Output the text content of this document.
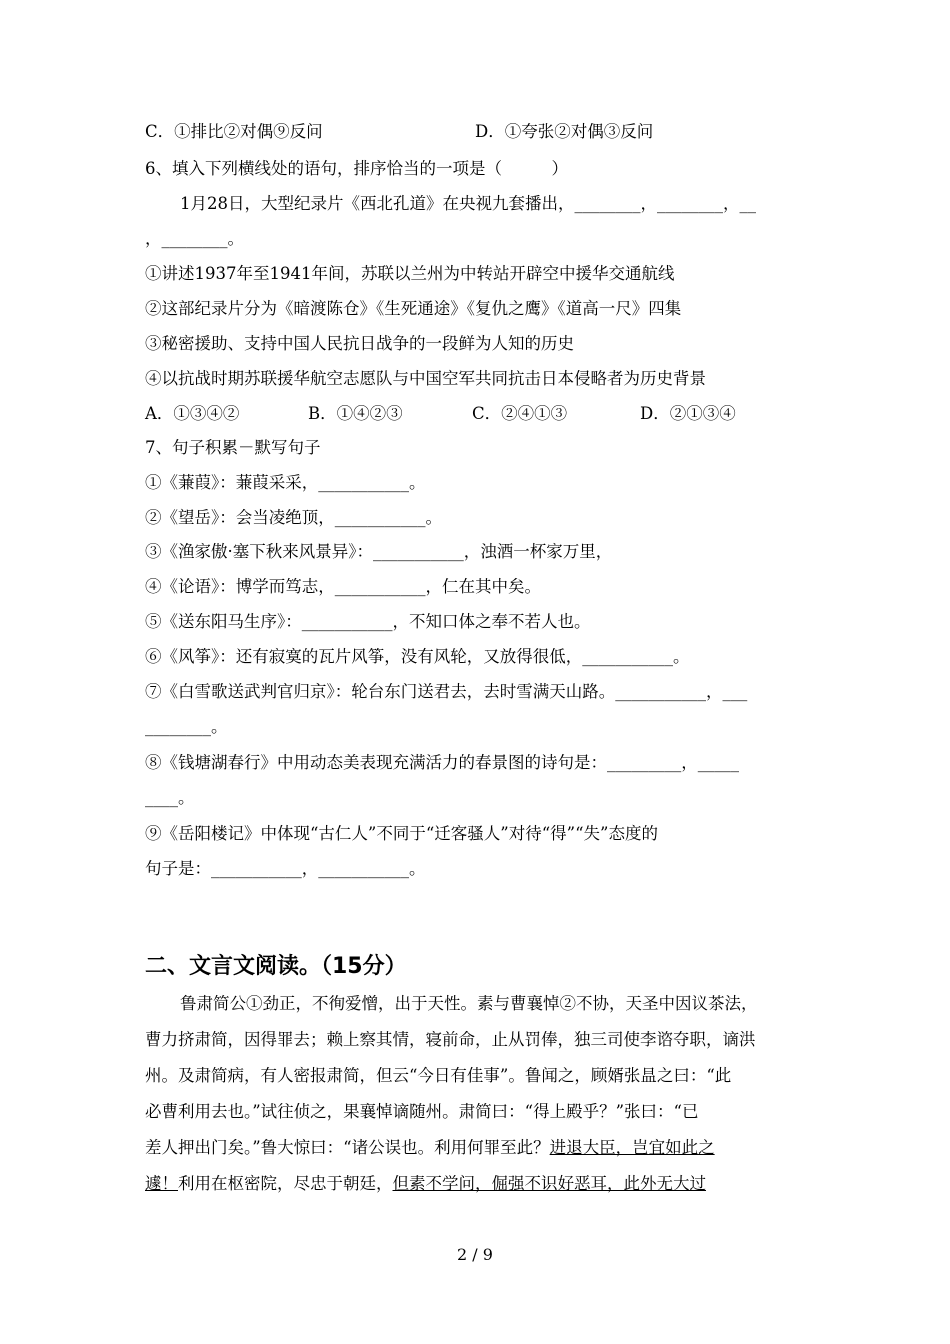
C．①排比②对偶⑨反问	D．①夸张②对偶③反问
6、填入下列横线处的语句，排序恰当的一项是（　　　）
1月28日，大型纪录片《西北孔道》在央视九套播出，________，________，__
，________。
①讲述1937年至1941年间，苏联以兰州为中转站开辟空中援华交通航线
②这部纪录片分为《暗渡陈仓》《生死通途》《复仇之鹰》《道高一尺》四集
③秘密援助、支持中国人民抗日战争的一段鲜为人知的历史
④以抗战时期苏联援华航空志愿队与中国空军共同抗击日本侵略者为历史背景
A．①③④②	B．①④②③	C．②④①③	D．②①③④
7、句子积累－默写句子
①《蒹葭》：蒹葭采采，___________。
②《望岳》：会当凌绝顶，___________。
③《渔家傲·塞下秋来风景异》：___________，浊酒一杯家万里，
④《论语》：博学而笃志，___________，仁在其中矣。
⑤《送东阳马生序》：___________，不知口体之奉不若人也。
⑥《风筝》：还有寂寞的瓦片风筝，没有风轮，又放得很低，___________。
⑦《白雪歌送武判官归京》：轮台东门送君去，去时雪满天山路。___________，___
________。
⑧《钱塘湖春行》中用动态美表现充满活力的春景图的诗句是：_________，_____
____。
⑨《岳阳楼记》中体现“古仁人”不同于“迁客骚人”对待“得”“失”态度的
句子是：___________，___________。
二、文言文阅读。（15分）
鲁肃简公①劲正，不徇爱憎，出于天性。素与曹襄悼②不协，天圣中因议茶法，
曹力挤肃简，因得罪去；赖上察其情，寝前命，止从罚俸，独三司使李谘夺职，谪洪
州。及肃简病，有人密报肃简，但云“今日有佳事”。鲁闻之，顾婿张昷之曰：“此
必曹利用去也。”试往侦之，果襄悼谪随州。肃简曰：“得上殿乎？”张曰：“已
差人押出门矣。”鲁大惊曰：“诸公误也。利用何罪至此？进退大臣，岂宜如此之
遽！利用在枢密院，尽忠于朝廷，但素不学问，倔强不识好恶耳，此外无大过
2 / 9
